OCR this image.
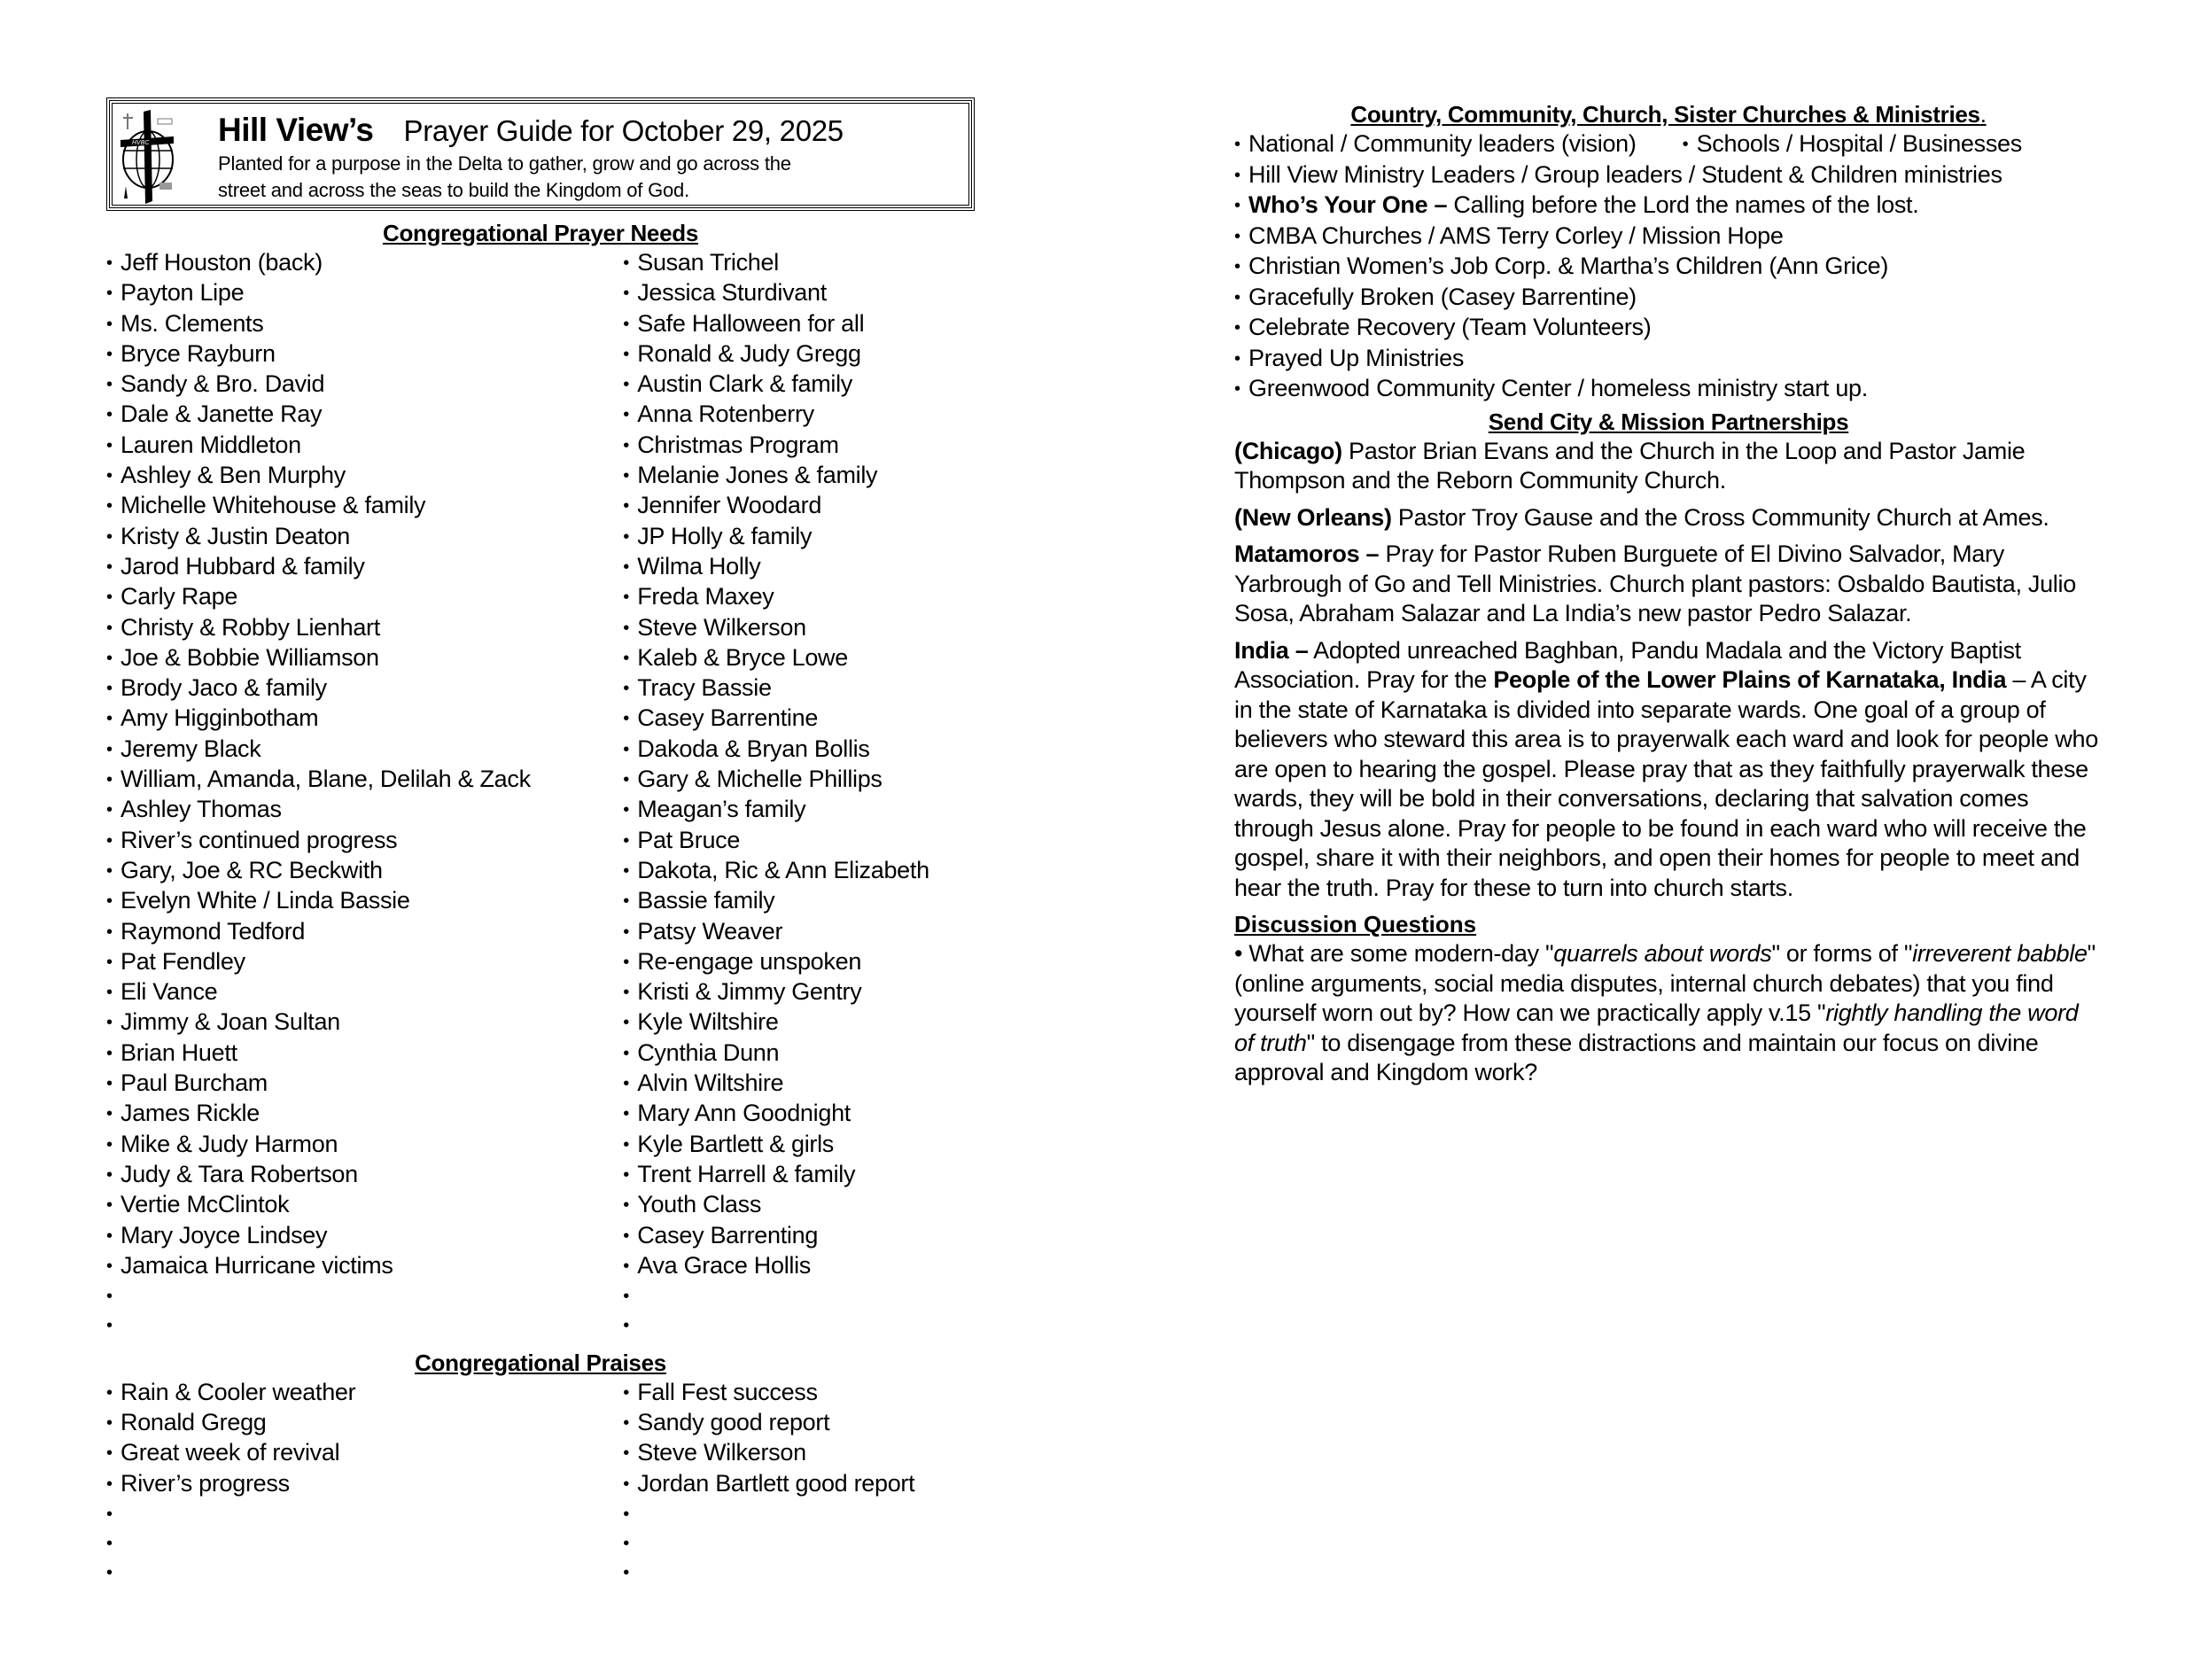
HVBC Hill View’s Prayer Guide for October 29, 2025
Planted for a purpose in the Delta to gather, grow and go across the
street and across the seas to build the Kingdom of God.
Congregational Prayer Needs
• Jeff Houston (back)
• Payton Lipe
• Ms. Clements
• Bryce Rayburn
• Sandy & Bro. David
• Dale & Janette Ray
• Lauren Middleton
• Ashley & Ben Murphy
• Michelle Whitehouse & family
• Kristy & Justin Deaton
• Jarod Hubbard & family
• Carly Rape
• Christy & Robby Lienhart
• Joe & Bobbie Williamson
• Brody Jaco & family
• Amy Higginbotham
• Jeremy Black
• William, Amanda, Blane, Delilah & Zack
• Ashley Thomas
• River’s continued progress
• Gary, Joe & RC Beckwith
• Evelyn White / Linda Bassie
• Raymond Tedford
• Pat Fendley
• Eli Vance
• Jimmy & Joan Sultan
• Brian Huett
• Paul Burcham
• James Rickle
• Mike & Judy Harmon
• Judy & Tara Robertson
• Vertie McClintok
• Mary Joyce Lindsey
• Jamaica Hurricane victims
•
•
• Susan Trichel
• Jessica Sturdivant
• Safe Halloween for all
• Ronald & Judy Gregg
• Austin Clark & family
• Anna Rotenberry
• Christmas Program
• Melanie Jones & family
• Jennifer Woodard
• JP Holly & family
• Wilma Holly
• Freda Maxey
• Steve Wilkerson
• Kaleb & Bryce Lowe
• Tracy Bassie
• Casey Barrentine
• Dakoda & Bryan Bollis
• Gary & Michelle Phillips
• Meagan’s family
• Pat Bruce
• Dakota, Ric & Ann Elizabeth
• Bassie family
• Patsy Weaver
• Re-engage unspoken
• Kristi & Jimmy Gentry
• Kyle Wiltshire
• Cynthia Dunn
• Alvin Wiltshire
• Mary Ann Goodnight
• Kyle Bartlett & girls
• Trent Harrell & family
• Youth Class
• Casey Barrenting
• Ava Grace Hollis
•
•
Congregational Praises
• Rain & Cooler weather
• Ronald Gregg
• Great week of revival
• River’s progress
•
•
•
• Fall Fest success
• Sandy good report
• Steve Wilkerson
• Jordan Bartlett good report
•
•
•
Country, Community, Church, Sister Churches & Ministries.
• National / Community leaders (vision)	• Schools / Hospital / Businesses
• Hill View Ministry Leaders / Group leaders / Student & Children ministries
• Who’s Your One – Calling before the Lord the names of the lost.
• CMBA Churches / AMS Terry Corley / Mission Hope
• Christian Women’s Job Corp. & Martha’s Children (Ann Grice)
• Gracefully Broken (Casey Barrentine)
• Celebrate Recovery (Team Volunteers)
• Prayed Up Ministries
• Greenwood Community Center / homeless ministry start up.
Send City & Mission Partnerships
(Chicago) Pastor Brian Evans and the Church in the Loop and Pastor Jamie Thompson and the Reborn Community Church.
(New Orleans) Pastor Troy Gause and the Cross Community Church at Ames.
Matamoros – Pray for Pastor Ruben Burguete of El Divino Salvador, Mary Yarbrough of Go and Tell Ministries. Church plant pastors: Osbaldo Bautista, Julio Sosa, Abraham Salazar and La India’s new pastor Pedro Salazar.
India – Adopted unreached Baghban, Pandu Madala and the Victory Baptist Association. Pray for the People of the Lower Plains of Karnataka, India – A city in the state of Karnataka is divided into separate wards. One goal of a group of believers who steward this area is to prayerwalk each ward and look for people who are open to hearing the gospel. Please pray that as they faithfully prayerwalk these wards, they will be bold in their conversations, declaring that salvation comes through Jesus alone. Pray for people to be found in each ward who will receive the gospel, share it with their neighbors, and open their homes for people to meet and hear the truth. Pray for these to turn into church starts.
Discussion Questions
• What are some modern-day "quarrels about words" or forms of "irreverent babble" (online arguments, social media disputes, internal church debates) that you find yourself worn out by? How can we practically apply v.15 "rightly handling the word of truth" to disengage from these distractions and maintain our focus on divine approval and Kingdom work?
